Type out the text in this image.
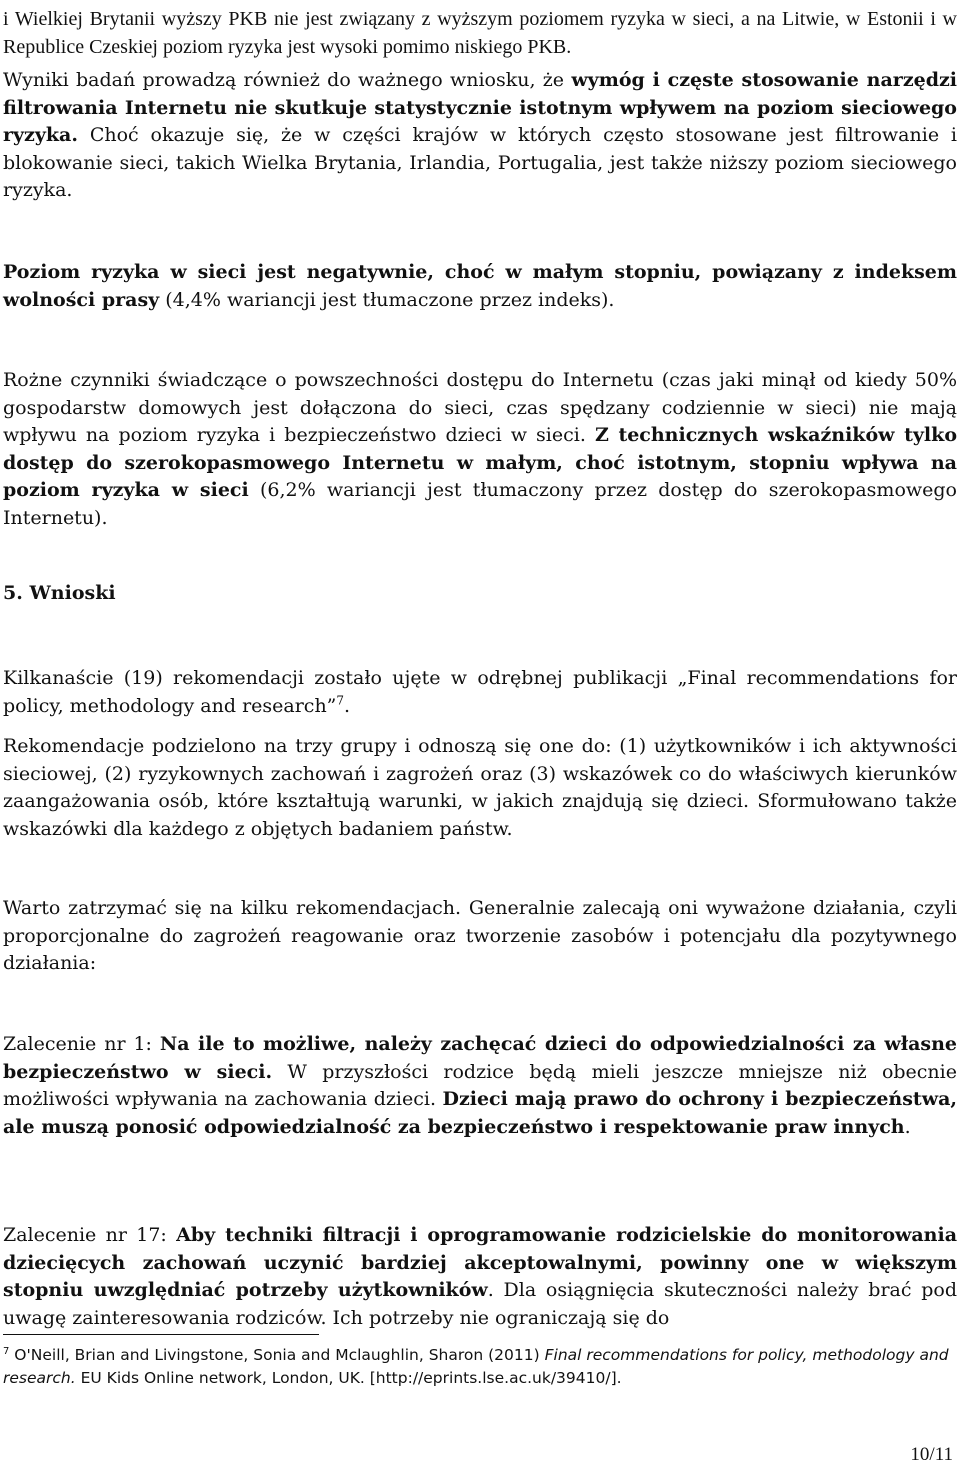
i Wielkiej Brytanii wyższy PKB nie jest związany z wyższym poziomem ryzyka w sieci, a na Litwie, w Estonii i w Republice Czeskiej poziom ryzyka jest wysoki pomimo niskiego PKB.

Wyniki badań prowadzą również do ważnego wniosku, że wymóg i częste stosowanie narzędzi filtrowania Internetu nie skutkuje statystycznie istotnym wpływem na poziom sieciowego ryzyka. Choć okazuje się, że w części krajów w których często stosowane jest filtrowanie i blokowanie sieci, takich Wielka Brytania, Irlandia, Portugalia, jest także niższy poziom sieciowego ryzyka.

Poziom ryzyka w sieci jest negatywnie, choć w małym stopniu, powiązany z indeksem wolności prasy (4,4% wariancji jest tłumaczone przez indeks).

Rożne czynniki świadczące o powszechności dostępu do Internetu (czas jaki minął od kiedy 50% gospodarstw domowych jest dołączona do sieci, czas spędzany codziennie w sieci) nie mają wpływu na poziom ryzyka i bezpieczeństwo dzieci w sieci. Z technicznych wskaźników tylko dostęp do szerokopasmowego Internetu w małym, choć istotnym, stopniu wpływa na poziom ryzyka w sieci (6,2% wariancji jest tłumaczony przez dostęp do szerokopasmowego Internetu).

5. Wnioski

Kilkanaście (19) rekomendacji zostało ujęte w odrębnej publikacji „Final recommendations for policy, methodology and research”$^7$.

Rekomendacje podzielono na trzy grupy i odnoszą się one do: (1) użytkowników i ich aktywności sieciowej, (2) ryzykownych zachowań i zagrożeń oraz (3) wskazówek co do właściwych kierunków zaangażowania osób, które kształtują warunki, w jakich znajdują się dzieci. Sformułowano także wskazówki dla każdego z objętych badaniem państw.

Warto zatrzymać się na kilku rekomendacjach. Generalnie zalecają oni wyważone działania, czyli proporcjonalne do zagrożeń reagowanie oraz tworzenie zasobów i potencjału dla pozytywnego działania:

Zalecenie nr 1: Na ile to możliwe, należy zachęcać dzieci do odpowiedzialności za własne bezpieczeństwo w sieci. W przyszłości rodzice będą mieli jeszcze mniejsze niż obecnie możliwości wpływania na zachowania dzieci. Dzieci mają prawo do ochrony i bezpieczeństwa, ale muszą ponosić odpowiedzialność za bezpieczeństwo i respektowanie praw innych.

Zalecenie nr 17: Aby techniki filtracji i oprogramowanie rodzicielskie do monitorowania dziecięcych zachowań uczynić bardziej akceptowalnymi, powinny one w większym stopniu uwzględniać potrzeby użytkowników. Dla osiągnięcia skuteczności należy brać pod uwagę zainteresowania rodziców. Ich potrzeby nie ograniczają się do

$^7$ O'Neill, Brian and Livingstone, Sonia and Mclaughlin, Sharon (2011) Final recommendations for policy, methodology and research. EU Kids Online network, London, UK. [http://eprints.lse.ac.uk/39410/].

10/11
